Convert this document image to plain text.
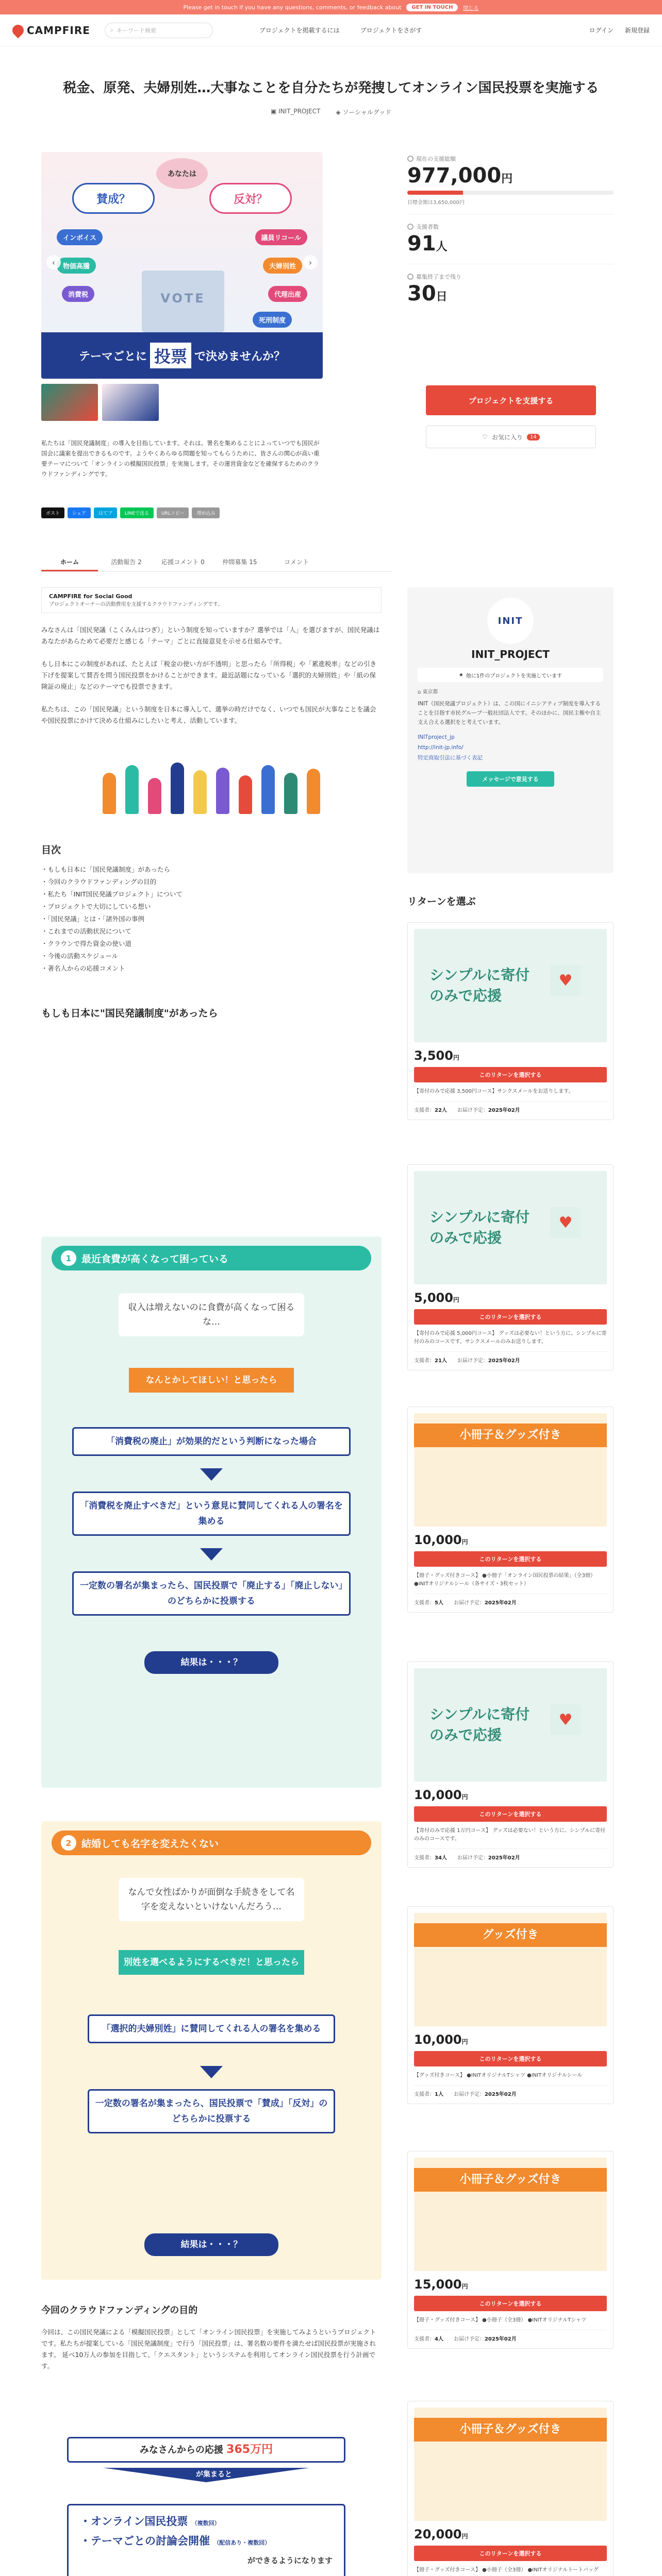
Please get in touch if you have any questions, comments, or feedback about	GET IN TOUCH	閉じる
CAMPFIRE	⌕ キーワード検索	プロジェクトを掲載するには	プロジェクトをさがす	ログイン 新規登録
税金、原発、夫婦別姓…大事なことを自分たちが発捜してオンライン国民投票を実施する
▣ INIT_PROJECT	◈ ソーシャルグッド
あなたは
賛成？	反対？
インボイス
物価高騰
消費税
議員リコール
夫婦別姓
代理出産
死刑制度
VOTE
‹	›
テーマごとに 投票 で決めませんか？
私たちは「国民発議制度」の導入を目指しています。それは、署名を集めることによっていつでも国民が国会に議案を提出できるものです。ようやくあらゆる問題を知ってもらうために、皆さんの関心が高い重要テーマについて「オンラインの模擬国民投票」を実施します。その運営資金などを確保するためのクラウドファンディングです。
ポスト	シェア	はてブ	LINEで送る	URLコピー	埋め込み
現在の支援総額
977,000円
目標金額は3,650,000円
支援者数
91人
募集終了まで残り
30日
プロジェクトを支援する
♡ お気に入り	14
ホーム	活動報告 2	応援コメント 0	仲間募集 15	コメント
CAMPFIRE for Social Good
プロジェクトオーナーの活動費用を支援するクラウドファンディングです。
みなさんは「国民発議（こくみんはつぎ）」という制度を知っていますか？選挙では「人」を選びますが、国民発議はあなたがあらためて必要だと感じる「テーマ」ごとに直接意見を示せる仕組みです。
もし日本にこの制度があれば、たとえば「税金の使い方が不透明」と思ったら「所得税」や「累進税率」などの引き下げを提案して賛否を問う国民投票をかけることができます。最近話題になっている「選択的夫婦別姓」や「紙の保険証の廃止」などのテーマでも投票できます。
私たちは、この「国民発議」という制度を日本に導入して、選挙の時だけでなく、いつでも国民が大事なことを議会や国民投票にかけて決める仕組みにしたいと考え、活動しています。
目次
・もしも日本に「国民発議制度」があったら
・今回のクラウドファンディングの目的
・私たち「INIT国民発議プロジェクト」について
・プロジェクトで大切にしている想い
・「国民発議」とは・「諸外国の事例
・これまでの活動状況について
・クラウンで得た資金の使い道
・今後の活動スケジュール
・著名人からの応援コメント
もしも日本に"国民発議制度"があったら
1	最近食費が高くなって困っている
収入は増えないのに食費が高くなって困るな…
なんとかしてほしい！と思ったら
「消費税の廃止」が効果的だという判断になった場合
「消費税を廃止すべきだ」という意見に賛同してくれる人の署名を集める
一定数の署名が集まったら、国民投票で「廃止する」「廃止しない」のどちらかに投票する
結果は・・・？
2	結婚しても名字を変えたくない
なんで女性ばかりが面倒な手続きをして名字を変えないといけないんだろう…
別姓を選べるようにするべきだ！と思ったら
「選択的夫婦別姓」に賛同してくれる人の署名を集める
一定数の署名が集まったら、国民投票で「賛成」「反対」のどちらかに投票する
結果は・・・？
今回のクラウドファンディングの目的
今回は、この国民発議による「模擬国民投票」として「オンライン国民投票」を実施してみようというプロジェクトです。私たちが提案している「国民発議制度」で行う「国民投票」は、署名数の要件を満たせば国民投票が実施されます。 延べ10万人の参加を目指して、「クエスタント」というシステムを利用してオンライン国民投票を行う計画です。
みなさんからの応援 365万円
が集まると
・オンライン国民投票 （複数回）
・テーマごとの討論会開催 （配信あり・複数回）
ができるようになります
INIT
INIT_PROJECT
★ 他に1件のプロジェクトを実施しています
⌂ 東京都
INIT（国民発議プロジェクト）は、この国にイニシアティブ制度を導入することを目指す市民グループ一般社団法人です。そのほかに、国民主権や自主支え合える選択をと考えています。
INITproject_jp
http://init-jp.info/
特定商取引法に基づく表記
メッセージで意見する
リターンを選ぶ
シンプルに寄付のみで応援
♥
3,500円
このリターンを選択する
【寄付のみで応援 3,500円コース】サンクスメールをお送りします。
支援者：22人 お届け予定：2025年02月
シンプルに寄付のみで応援
♥
5,000円
このリターンを選択する
【寄付のみで応援 5,000円コース】 グッズは必要ない！という方に、シンプルに寄付のみのコースです。サンクスメールのみお送りします。
支援者：21人 お届け予定：2025年02月
小冊子＆グッズ付き
10,000円
このリターンを選択する
【冊子・グッズ付きコース】 ●小冊子「オンライン国民投票の結果」（全3冊） ●INITオリジナルシール（各サイズ・3枚セット）
支援者：5人 お届け予定：2025年02月
シンプルに寄付のみで応援
♥
10,000円
このリターンを選択する
【寄付のみで応援 1万円コース】 グッズは必要ない！という方に、シンプルに寄付のみのコースです。
支援者：34人 お届け予定：2025年02月
グッズ付き
10,000円
このリターンを選択する
【グッズ付きコース】 ●INITオリジナルTシャツ ●INITオリジナルシール
支援者：1人 お届け予定：2025年02月
小冊子＆グッズ付き
15,000円
このリターンを選択する
【冊子・グッズ付きコース】 ●小冊子（全3冊） ●INITオリジナルTシャツ
支援者：4人 お届け予定：2025年02月
小冊子＆グッズ付き
20,000円
このリターンを選択する
【冊子・グッズ付きコース】 ●小冊子（全3冊） ●INITオリジナルトートバッグ
